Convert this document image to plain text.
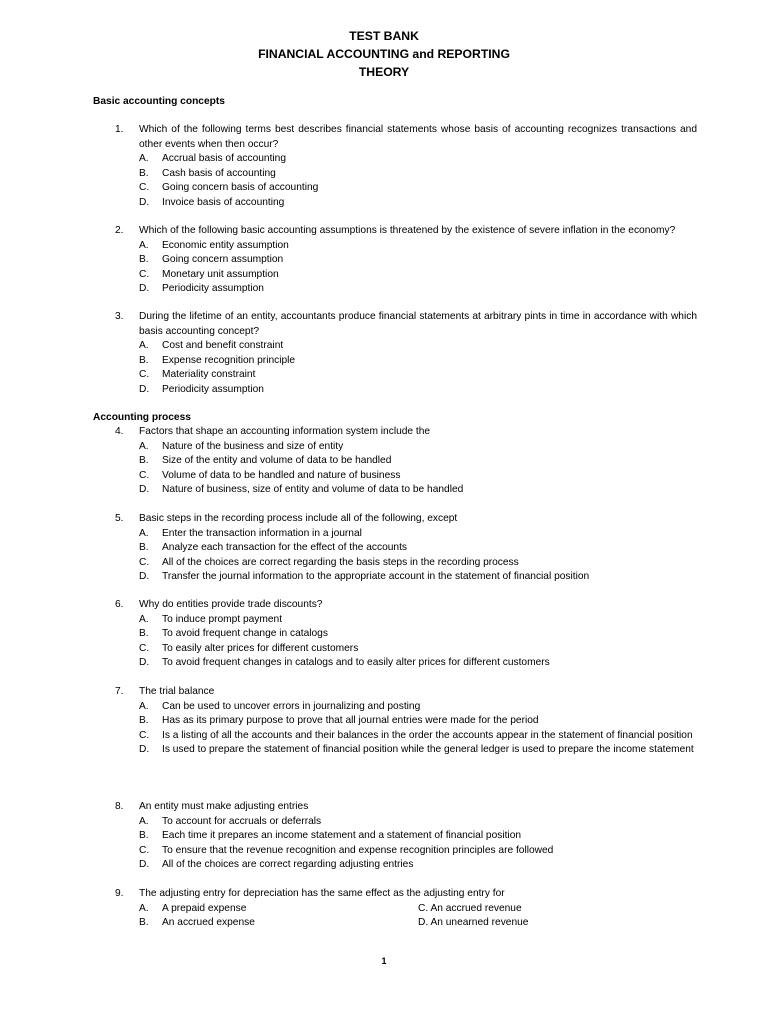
TEST BANK
FINANCIAL ACCOUNTING and REPORTING
THEORY
Basic accounting concepts
1. Which of the following terms best describes financial statements whose basis of accounting recognizes transactions and other events when then occur?
A. Accrual basis of accounting
B. Cash basis of accounting
C. Going concern basis of accounting
D. Invoice basis of accounting
2. Which of the following basic accounting assumptions is threatened by the existence of severe inflation in the economy?
A. Economic entity assumption
B. Going concern assumption
C. Monetary unit assumption
D. Periodicity assumption
3. During the lifetime of an entity, accountants produce financial statements at arbitrary pints in time in accordance with which basis accounting concept?
A. Cost and benefit constraint
B. Expense recognition principle
C. Materiality constraint
D. Periodicity assumption
Accounting process
4. Factors that shape an accounting information system include the
A. Nature of the business and size of entity
B. Size of the entity and volume of data to be handled
C. Volume of data to be handled and nature of business
D. Nature of business, size of entity and volume of data to be handled
5. Basic steps in the recording process include all of the following, except
A. Enter the transaction information in a journal
B. Analyze each transaction for the effect of the accounts
C. All of the choices are correct regarding the basis steps in the recording process
D. Transfer the journal information to the appropriate account in the statement of financial position
6. Why do entities provide trade discounts?
A. To induce prompt payment
B. To avoid frequent change in catalogs
C. To easily alter prices for different customers
D. To avoid frequent changes in catalogs and to easily alter prices for different customers
7. The trial balance
A. Can be used to uncover errors in journalizing and posting
B. Has as its primary purpose to prove that all journal entries were made for the period
C. Is a listing of all the accounts and their balances in the order the accounts appear in the statement of financial position
D. Is used to prepare the statement of financial position while the general ledger is used to prepare the income statement
8. An entity must make adjusting entries
A. To account for accruals or deferrals
B. Each time it prepares an income statement and a statement of financial position
C. To ensure that the revenue recognition and expense recognition principles are followed
D. All of the choices are correct regarding adjusting entries
9. The adjusting entry for depreciation has the same effect as the adjusting entry for
A. A prepaid expense	C. An accrued revenue
B. An accrued expense	D. An unearned revenue
1
